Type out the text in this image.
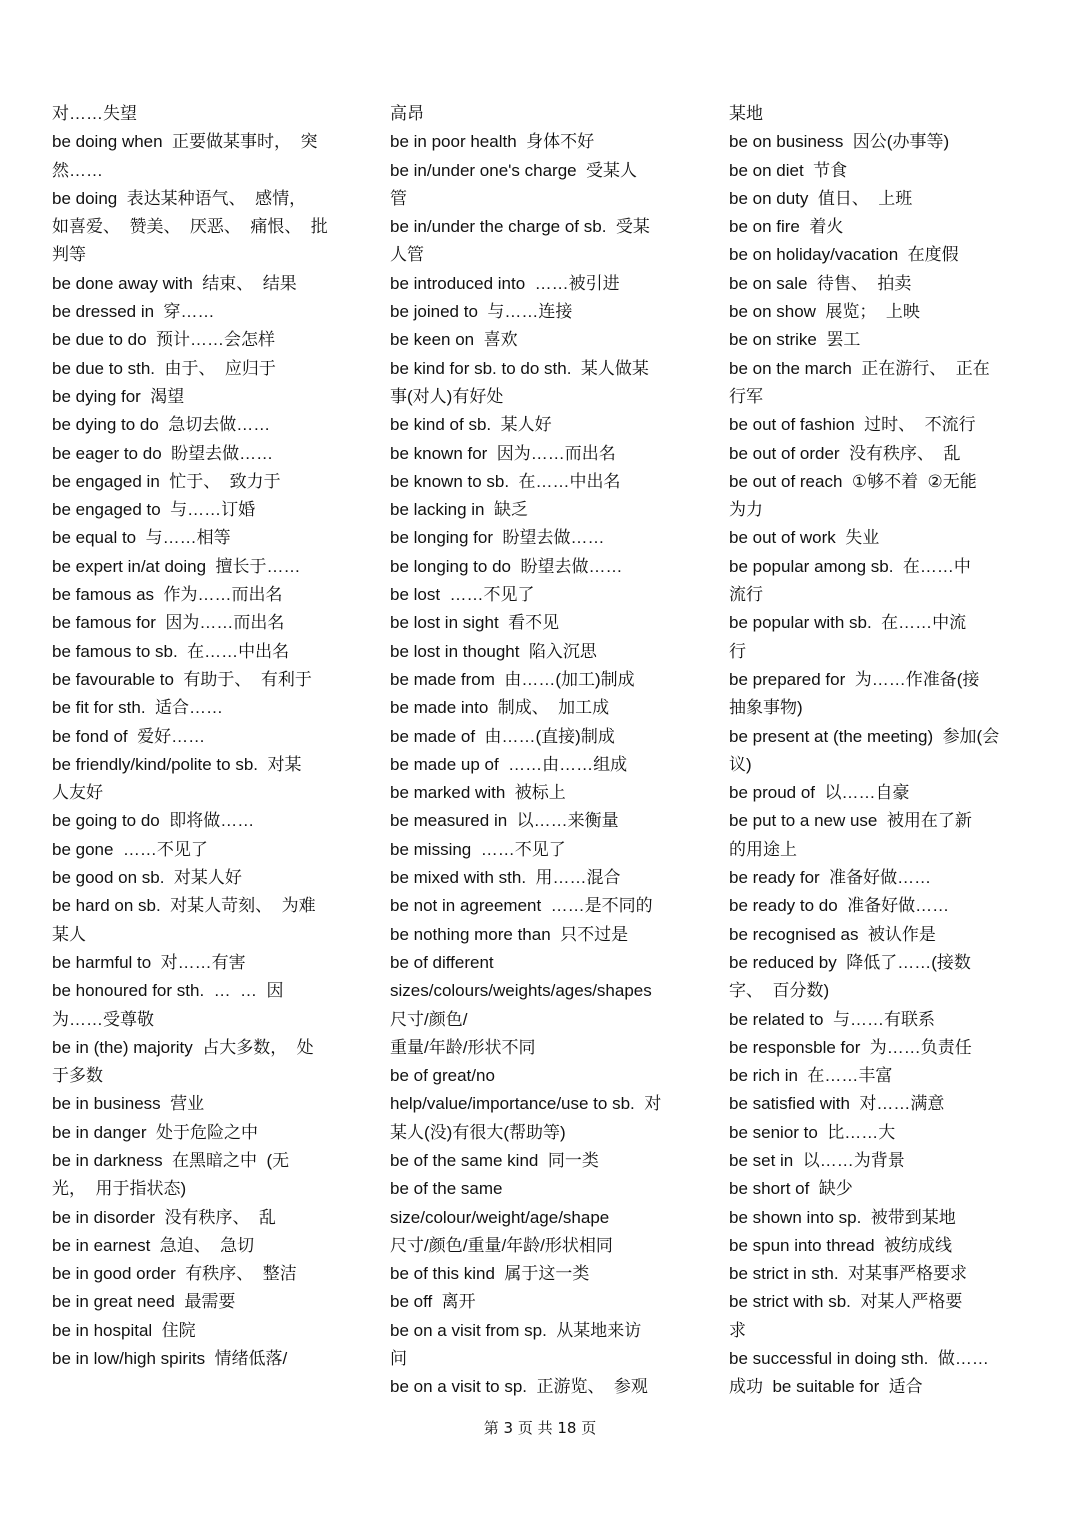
对……失望
be doing when  正要做某事时，  突
然……
be doing  表达某种语气、  感情，
如喜爱、  赞美、  厌恶、  痛恨、  批
判等
be done away with  结束、  结果
be dressed in  穿……
be due to do  预计……会怎样
be due to sth.  由于、  应归于
be dying for  渴望
be dying to do  急切去做……
be eager to do  盼望去做……
be engaged in  忙于、  致力于
be engaged to  与……订婚
be equal to  与……相等
be expert in/at doing  擅长于……
be famous as  作为……而出名
be famous for  因为……而出名
be famous to sb.  在……中出名
be favourable to  有助于、  有利于
be fit for sth.  适合……
be fond of  爱好……
be friendly/kind/polite to sb.  对某
人友好
be going to do  即将做……
be gone  ……不见了
be good on sb.  对某人好
be hard on sb.  对某人苛刻、  为难
某人
be harmful to  对……有害
be honoured for sth.  …  …  因
为……受尊敬
be in (the) majority  占大多数，  处
于多数
be in business  营业
be in danger  处于危险之中
be in darkness  在黑暗之中  (无
光，  用于指状态)
be in disorder  没有秩序、  乱
be in earnest  急迫、  急切
be in good order  有秩序、  整洁
be in great need  最需要
be in hospital  住院
be in low/high spirits  情绪低落/
高昂
be in poor health  身体不好
be in/under one's charge  受某人
管
be in/under the charge of sb.  受某
人管
be introduced into  ……被引进
be joined to  与……连接
be keen on  喜欢
be kind for sb. to do sth.  某人做某
事(对人)有好处
be kind of sb.  某人好
be known for  因为……而出名
be known to sb.  在……中出名
be lacking in  缺乏
be longing for  盼望去做……
be longing to do  盼望去做……
be lost  ……不见了
be lost in sight  看不见
be lost in thought  陷入沉思
be made from  由……(加工)制成
be made into  制成、  加工成
be made of  由……(直接)制成
be made up of  ……由……组成
be marked with  被标上
be measured in  以……来衡量
be missing  ……不见了
be mixed with sth.  用……混合
be not in agreement  ……是不同的
be nothing more than  只不过是
be of different
sizes/colours/weights/ages/shapes
尺寸/颜色/
重量/年龄/形状不同
be of great/no
help/value/importance/use to sb.  对
某人(没)有很大(帮助等)
be of the same kind  同一类
be of the same
size/colour/weight/age/shape
尺寸/颜色/重量/年龄/形状相同
be of this kind  属于这一类
be off  离开
be on a visit from sp.  从某地来访
问
be on a visit to sp.  正游览、  参观
某地
be on business  因公(办事等)
be on diet  节食
be on duty  值日、  上班
be on fire  着火
be on holiday/vacation  在度假
be on sale  待售、  拍卖
be on show  展览；  上映
be on strike  罢工
be on the march  正在游行、  正在
行军
be out of fashion  过时、  不流行
be out of order  没有秩序、  乱
be out of reach  ①够不着  ②无能
为力
be out of work  失业
be popular among sb.  在……中
流行
be popular with sb.  在……中流
行
be prepared for  为……作准备(接
抽象事物)
be present at (the meeting)  参加(会
议)
be proud of  以……自豪
be put to a new use  被用在了新
的用途上
be ready for  准备好做……
be ready to do  准备好做……
be recognised as  被认作是
be reduced by  降低了……(接数
字、  百分数)
be related to  与……有联系
be responsble for  为……负责任
be rich in  在……丰富
be satisfied with  对……满意
be senior to  比……大
be set in  以……为背景
be short of  缺少
be shown into sp.  被带到某地
be spun into thread  被纺成线
be strict in sth.  对某事严格要求
be strict with sb.  对某人严格要
求
be successful in doing sth.  做……
成功  be suitable for  适合
第 3 页 共 18 页
